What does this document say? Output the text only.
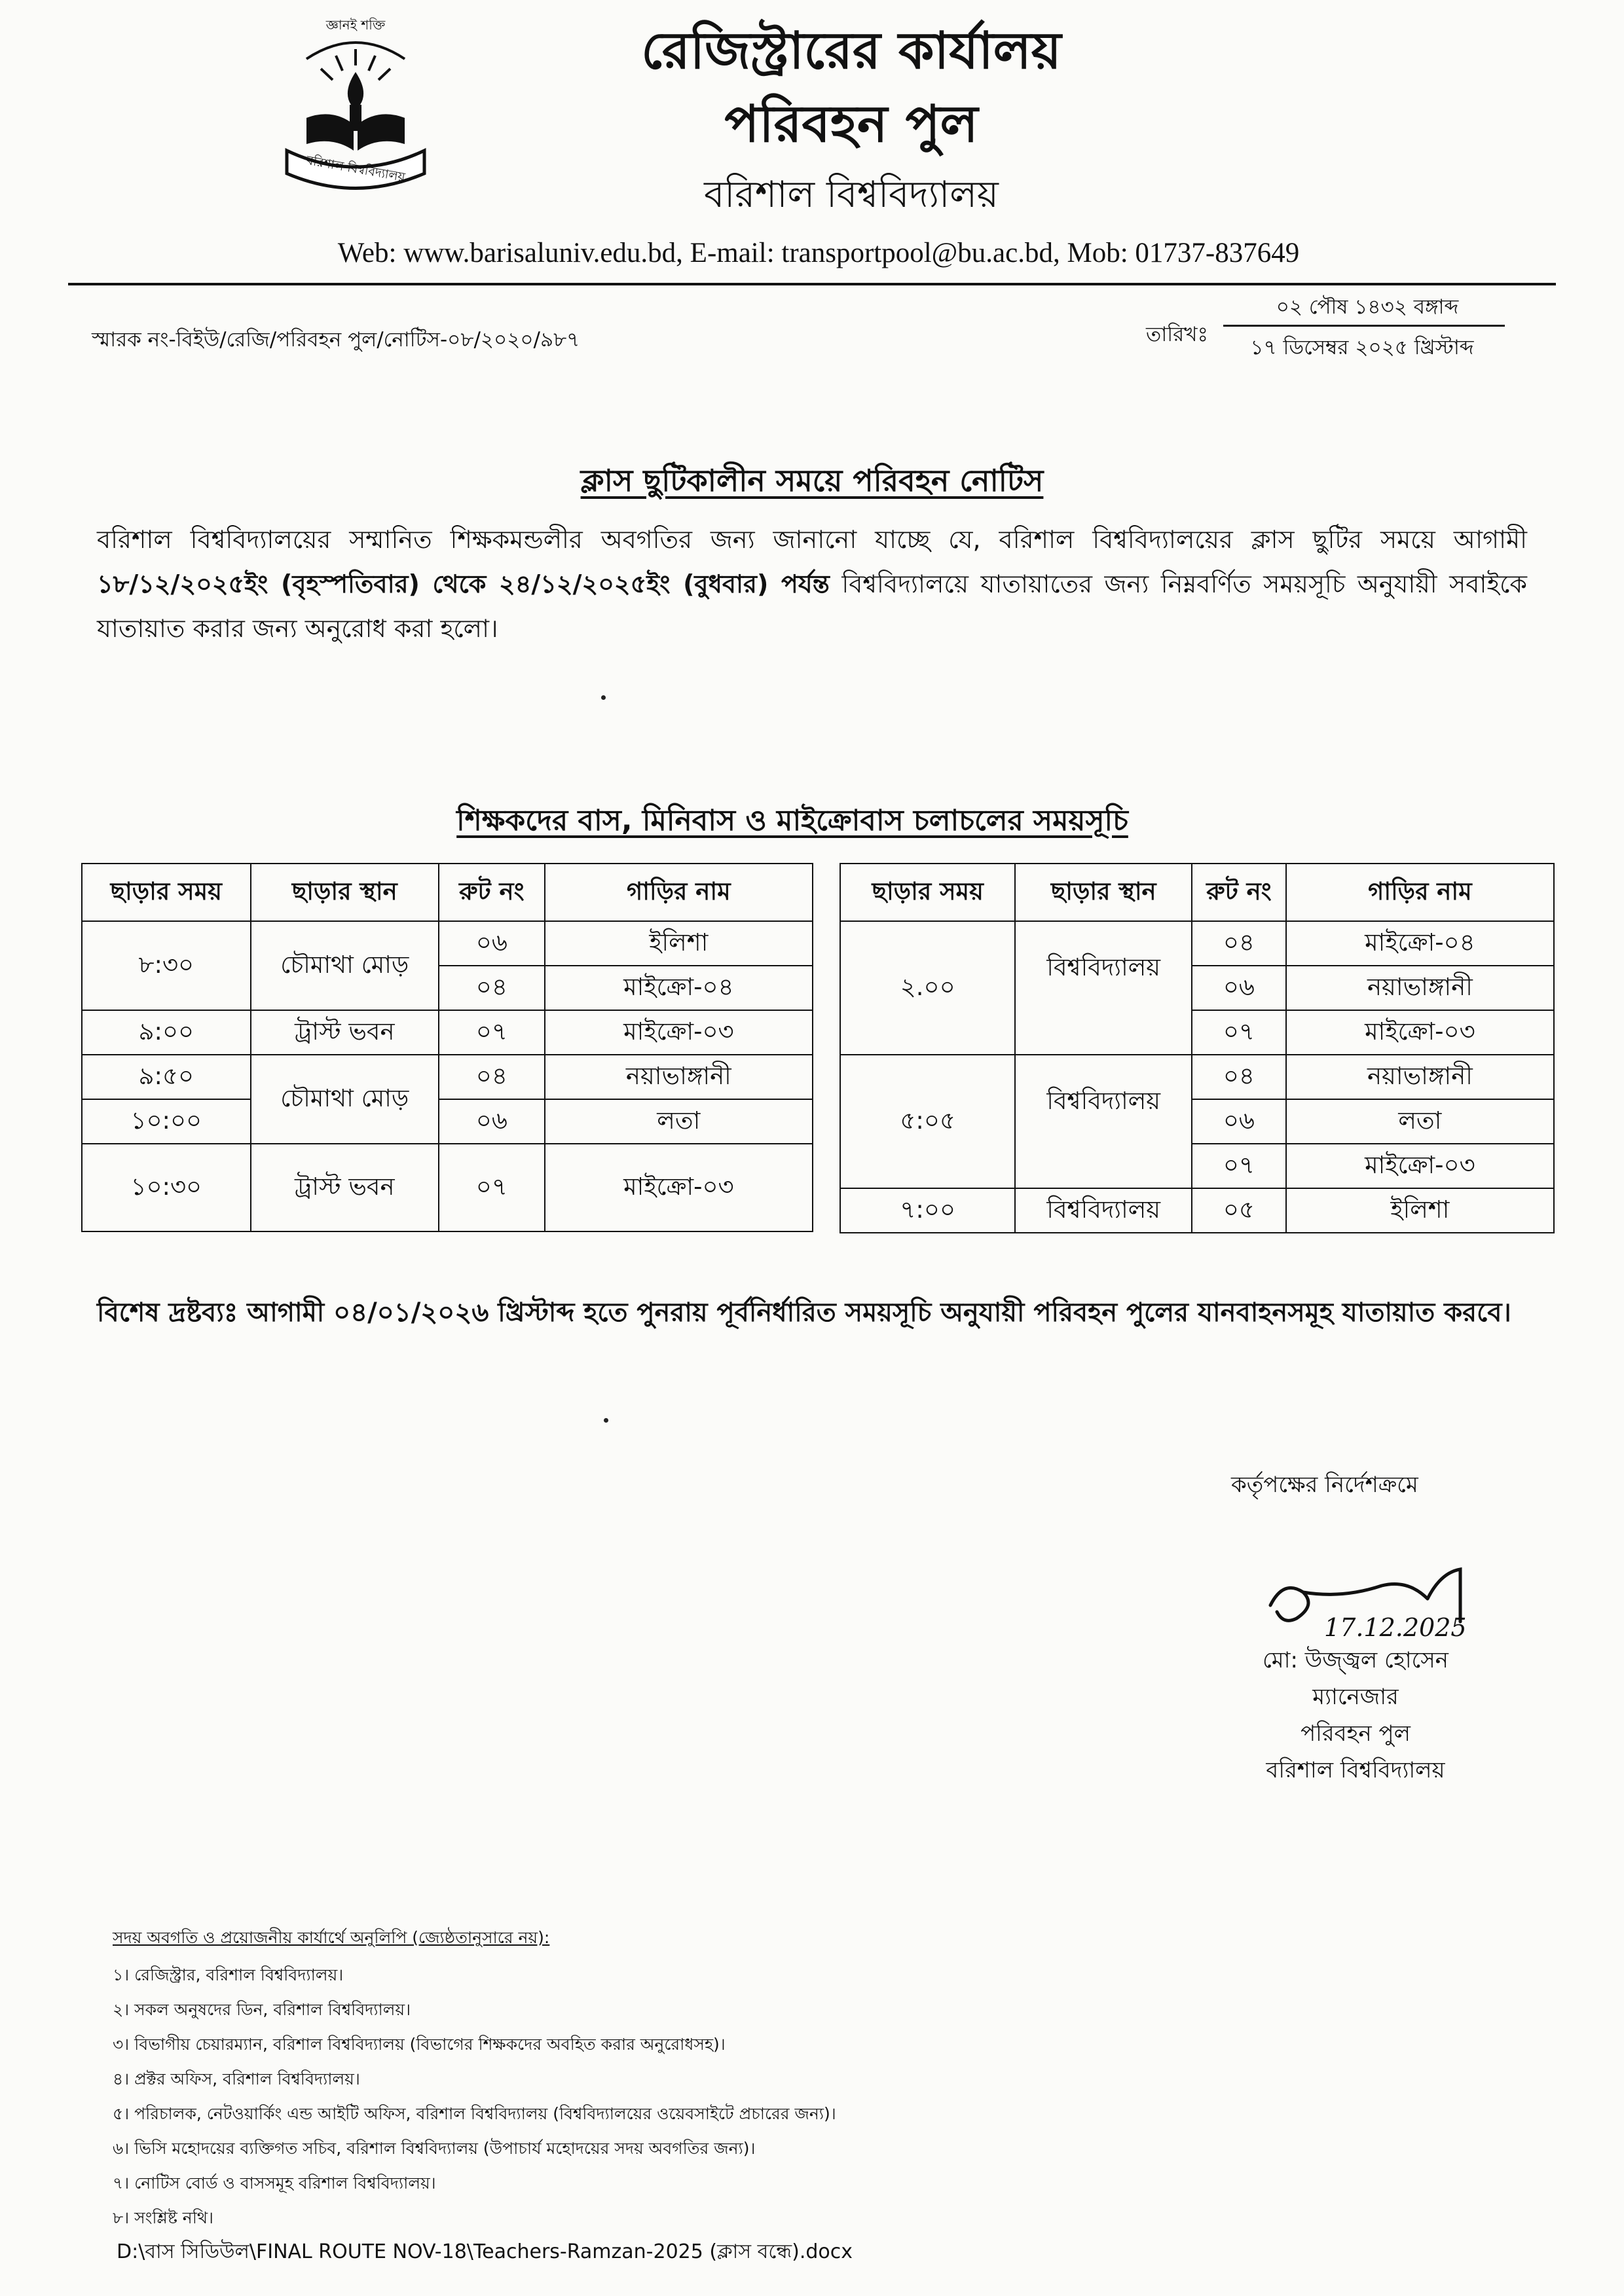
জ্ঞানই শক্তি
বরিশাল বিশ্ববিদ্যালয়
রেজিস্ট্রারের কার্যালয়
পরিবহন পুল
বরিশাল বিশ্ববিদ্যালয়
Web: www.barisaluniv.edu.bd, E-mail: transportpool@bu.ac.bd, Mob: 01737-837649
স্মারক নং-বিইউ/রেজি/পরিবহন পুল/নোটিস-০৮/২০২০/৯৮৭	তারিখঃ
০২ পৌষ ১৪৩২ বঙ্গাব্দ
১৭ ডিসেম্বর ২০২৫ খ্রিস্টাব্দ
ক্লাস ছুটিকালীন সময়ে পরিবহন নোটিস
বরিশাল বিশ্ববিদ্যালয়ের সম্মানিত শিক্ষকমন্ডলীর অবগতির জন্য জানানো যাচ্ছে যে, বরিশাল বিশ্ববিদ্যালয়ের ক্লাস ছুটির সময়ে আগামী ১৮/১২/২০২৫ইং (বৃহস্পতিবার) থেকে ২৪/১২/২০২৫ইং (বুধবার) পর্যন্ত বিশ্ববিদ্যালয়ে যাতায়াতের জন্য নিম্নবর্ণিত সময়সূচি অনুযায়ী সবাইকে যাতায়াত করার জন্য অনুরোধ করা হলো।
শিক্ষকদের বাস, মিনিবাস ও মাইক্রোবাস চলাচলের সময়সূচি
ছাড়ার সময়	ছাড়ার স্থান	রুট নং	গাড়ির নাম
৮:৩০	চৌমাথা মোড়	০৬	ইলিশা
		০৪	মাইক্রো-০৪
৯:০০	ট্রাস্ট ভবন	০৭	মাইক্রো-০৩
৯:৫০	চৌমাথা মোড়	০৪	নয়াভাঙ্গানী
১০:০০		০৬	লতা
১০:৩০	ট্রাস্ট ভবন	০৭	মাইক্রো-০৩
ছাড়ার সময়	ছাড়ার স্থান	রুট নং	গাড়ির নাম
২.০০	বিশ্ববিদ্যালয়	০৪	মাইক্রো-০৪
		০৬	নয়াভাঙ্গানী
		০৭	মাইক্রো-০৩
৫:০৫	বিশ্ববিদ্যালয়	০৪	নয়াভাঙ্গানী
		০৬	লতা
		০৭	মাইক্রো-০৩
৭:০০	বিশ্ববিদ্যালয়	০৫	ইলিশা
বিশেষ দ্রষ্টব্যঃ আগামী ০৪/০১/২০২৬ খ্রিস্টাব্দ হতে পুনরায় পূর্বনির্ধারিত সময়সূচি অনুযায়ী পরিবহন পুলের যানবাহনসমূহ যাতায়াত করবে।
কর্তৃপক্ষের নির্দেশক্রমে
17.12.2025
মো: উজ্জ্বল হোসেন
ম্যানেজার
পরিবহন পুল
বরিশাল বিশ্ববিদ্যালয়
সদয় অবগতি ও প্রয়োজনীয় কার্যার্থে অনুলিপি (জ্যেষ্ঠতানুসারে নয়):
১। রেজিস্ট্রার, বরিশাল বিশ্ববিদ্যালয়।
২। সকল অনুষদের ডিন, বরিশাল বিশ্ববিদ্যালয়।
৩। বিভাগীয় চেয়ারম্যান, বরিশাল বিশ্ববিদ্যালয় (বিভাগের শিক্ষকদের অবহিত করার অনুরোধসহ)।
৪। প্রক্টর অফিস, বরিশাল বিশ্ববিদ্যালয়।
৫। পরিচালক, নেটওয়ার্কিং এন্ড আইটি অফিস, বরিশাল বিশ্ববিদ্যালয় (বিশ্ববিদ্যালয়ের ওয়েবসাইটে প্রচারের জন্য)।
৬। ভিসি মহোদয়ের ব্যক্তিগত সচিব, বরিশাল বিশ্ববিদ্যালয় (উপাচার্য মহোদয়ের সদয় অবগতির জন্য)।
৭। নোটিস বোর্ড ও বাসসমূহ বরিশাল বিশ্ববিদ্যালয়।
৮। সংশ্লিষ্ট নথি।
D:\বাস সিডিউল\FINAL ROUTE NOV-18\Teachers-Ramzan-2025 (ক্লাস বন্ধে).docx
